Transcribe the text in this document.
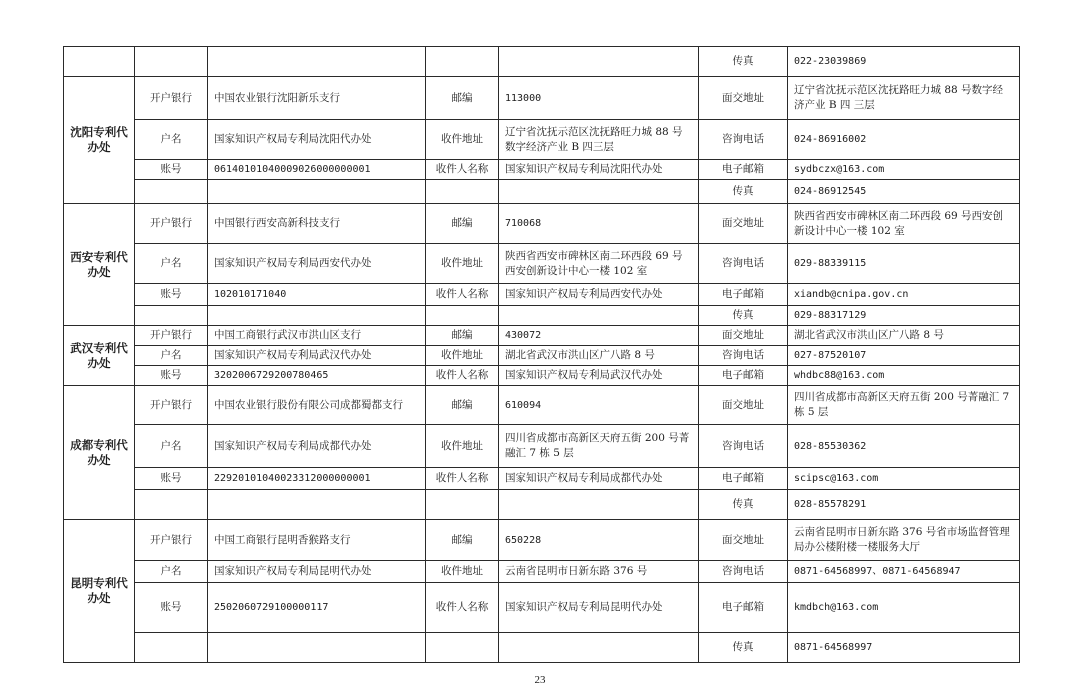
					传真	022-23039869
沈阳专利代办处	开户银行	中国农业银行沈阳新乐支行	邮编	113000	面交地址	辽宁省沈抚示范区沈抚路旺力城 88 号数字经济产业 B 四 三层
	户名	国家知识产权局专利局沈阳代办处	收件地址	辽宁省沈抚示范区沈抚路旺力城 88 号数字经济产业 B 四三层	咨询电话	024-86916002
	账号	06140101040009026000000001	收件人名称	国家知识产权局专利局沈阳代办处	电子邮箱	sydbczx@163.com
					传真	024-86912545
西安专利代办处	开户银行	中国银行西安高新科技支行	邮编	710068	面交地址	陕西省西安市碑林区南二环西段 69 号西安创新设计中心一楼 102 室
	户名	国家知识产权局专利局西安代办处	收件地址	陕西省西安市碑林区南二环西段 69 号西安创新设计中心一楼 102 室	咨询电话	029-88339115
	账号	102010171040	收件人名称	国家知识产权局专利局西安代办处	电子邮箱	xiandb@cnipa.gov.cn
					传真	029-88317129
武汉专利代办处	开户银行	中国工商银行武汉市洪山区支行	邮编	430072	面交地址	湖北省武汉市洪山区广八路 8 号
	户名	国家知识产权局专利局武汉代办处	收件地址	湖北省武汉市洪山区广八路 8 号	咨询电话	027-87520107
	账号	3202006729200780465	收件人名称	国家知识产权局专利局武汉代办处	电子邮箱	whdbc88@163.com
成都专利代办处	开户银行	中国农业银行股份有限公司成都蜀都支行	邮编	610094	面交地址	四川省成都市高新区天府五街 200 号菁融汇 7 栋 5 层
	户名	国家知识产权局专利局成都代办处	收件地址	四川省成都市高新区天府五街 200 号菁融汇 7 栋 5 层	咨询电话	028-85530362
	账号	22920101040023312000000001	收件人名称	国家知识产权局专利局成都代办处	电子邮箱	scipsc@163.com
					传真	028-85578291
昆明专利代办处	开户银行	中国工商银行昆明香猴路支行	邮编	650228	面交地址	云南省昆明市日新东路 376 号省市场监督管理局办公楼附楼一楼服务大厅
	户名	国家知识产权局专利局昆明代办处	收件地址	云南省昆明市日新东路 376 号	咨询电话	0871-64568997、0871-64568947
	账号	2502060729100000117	收件人名称	国家知识产权局专利局昆明代办处	电子邮箱	kmdbch@163.com
					传真	0871-64568997
23
